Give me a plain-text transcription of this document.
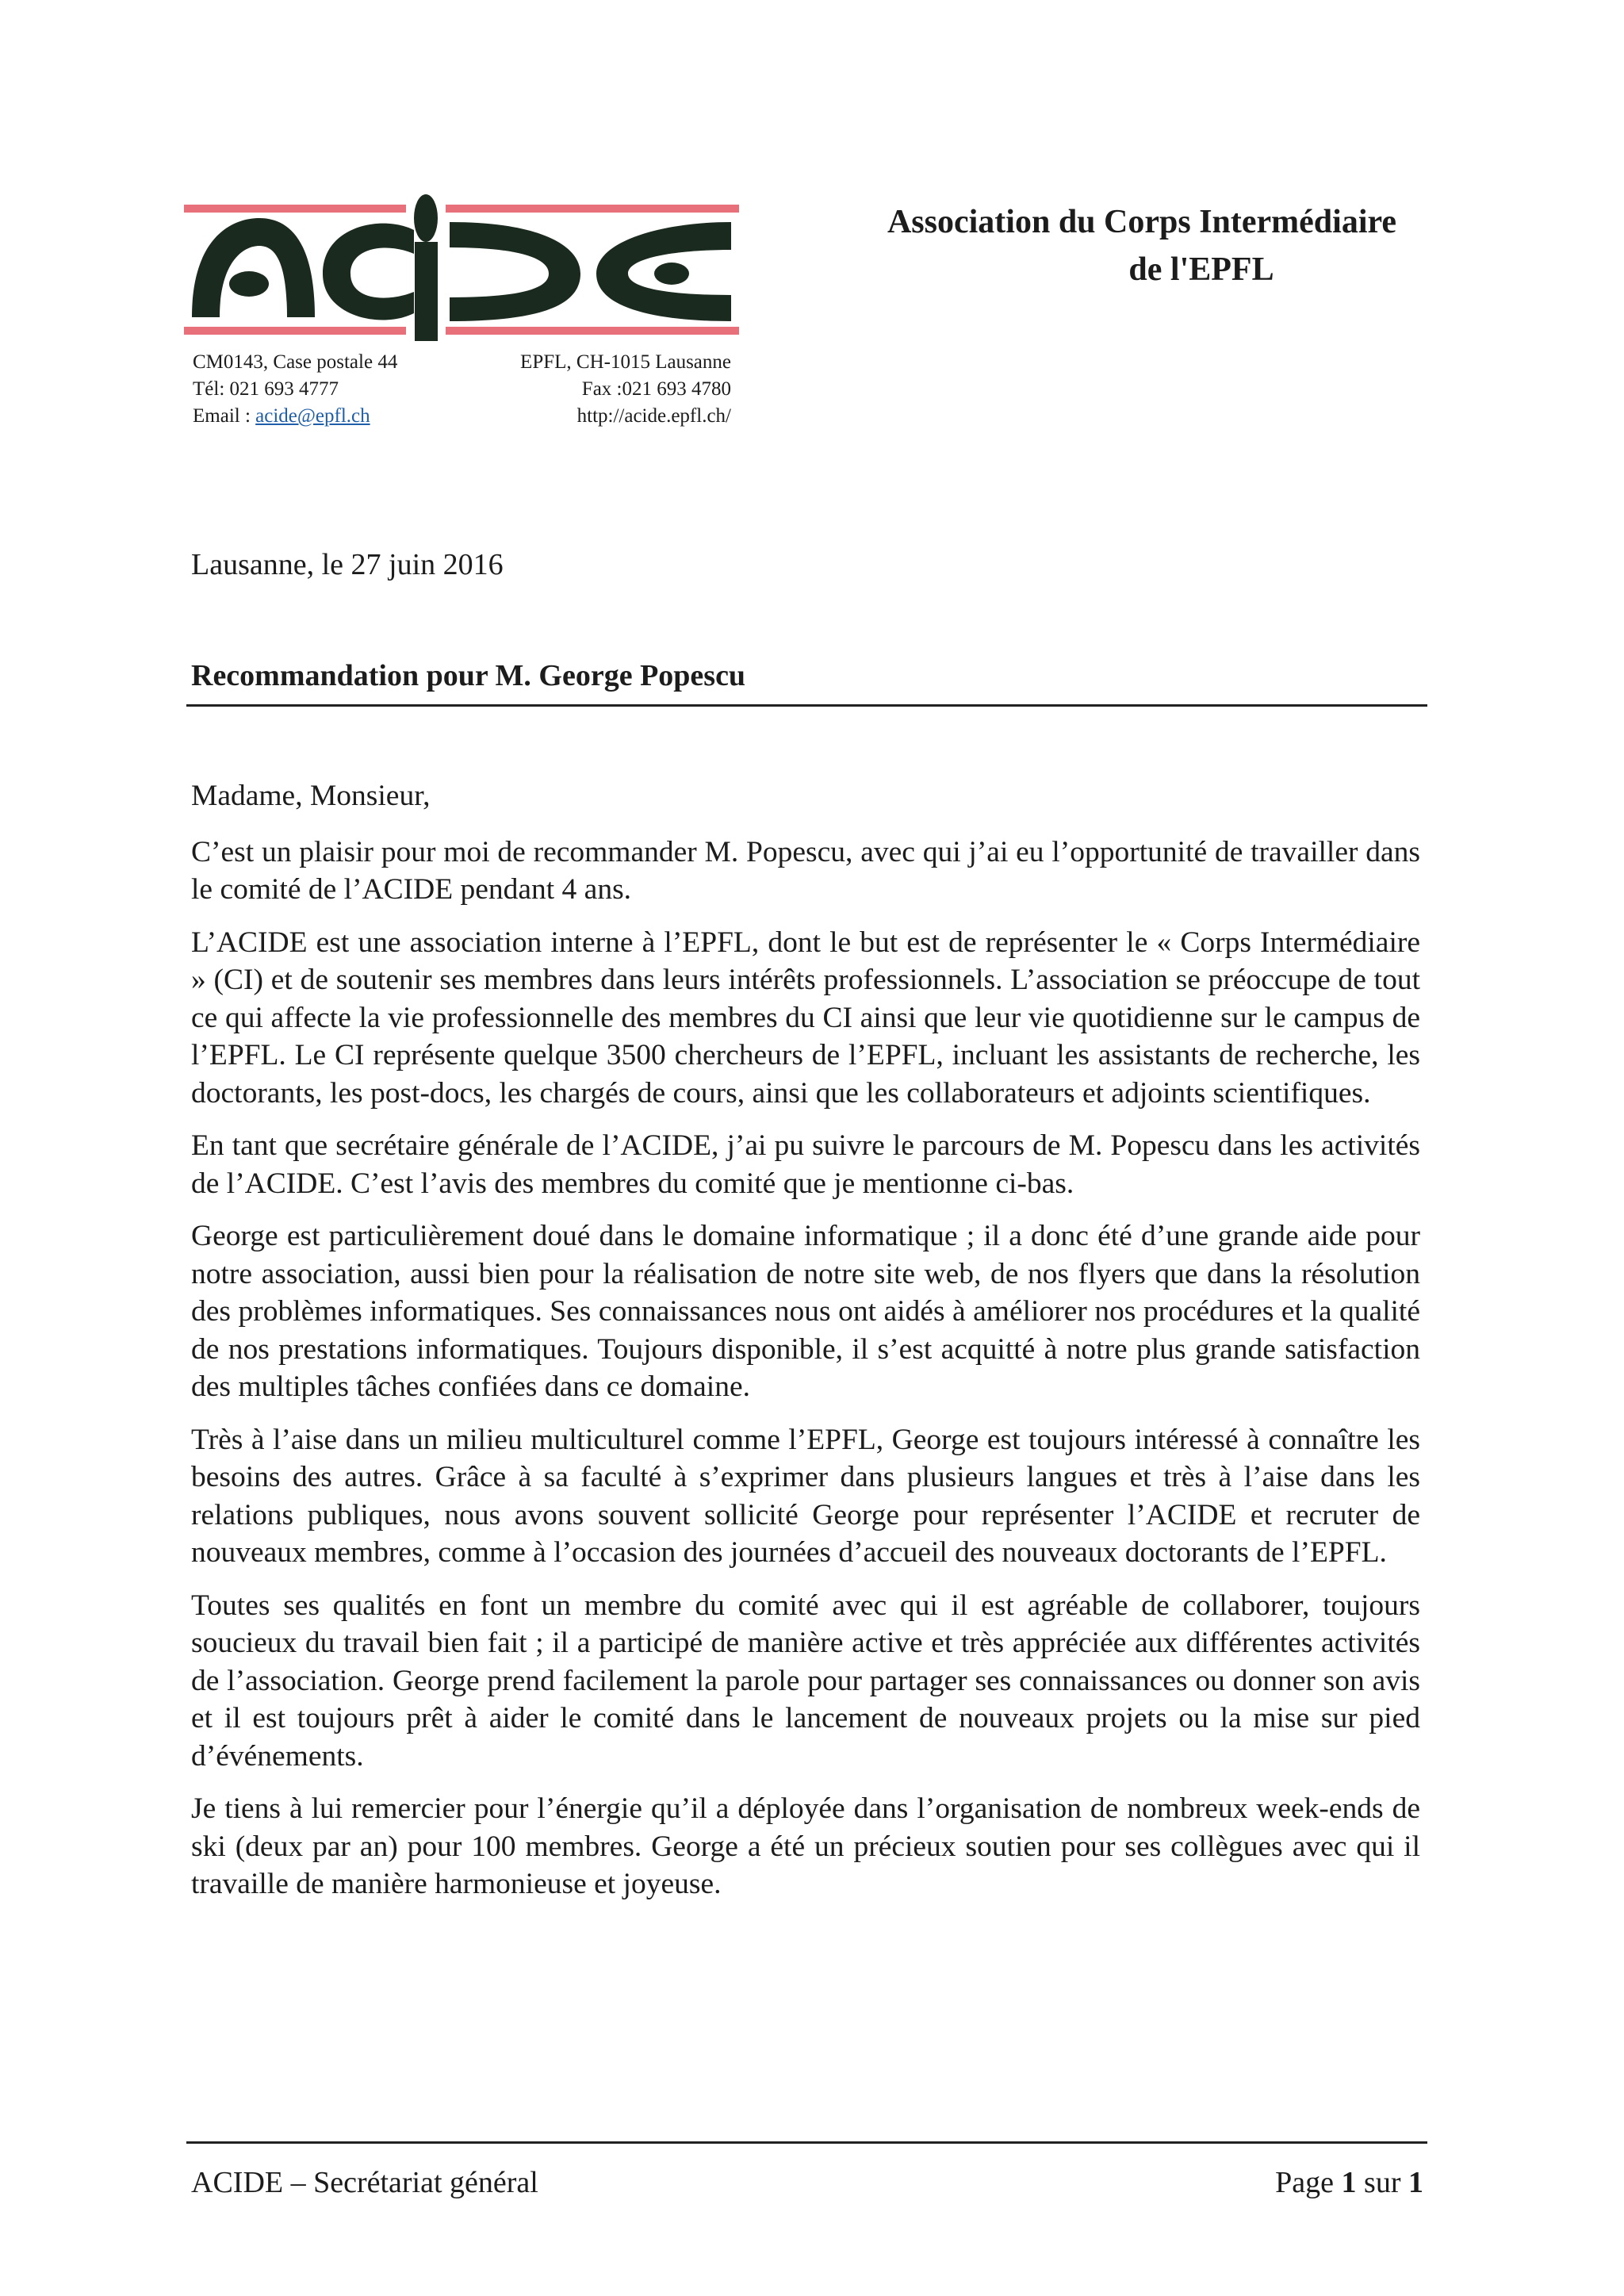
CM0143, Case postale 44
Tél: 021 693 4777
Email : acide@epfl.ch
EPFL, CH-1015 Lausanne
Fax :021 693 4780
http://acide.epfl.ch/
Association du Corps Intermédiaire
de l'EPFL
Lausanne, le 27 juin 2016
Recommandation pour M. George Popescu

Madame, Monsieur,

C’est un plaisir pour moi de recommander M. Popescu, avec qui j’ai eu l’opportunité de travailler dans le comité de l’ACIDE pendant 4 ans.

L’ACIDE est une association interne à l’EPFL, dont le but est de représenter le « Corps Intermédiaire » (CI) et de soutenir ses membres dans leurs intérêts professionnels. L’association se préoccupe de tout ce qui affecte la vie professionnelle des membres du CI ainsi que leur vie quotidienne sur le campus de l’EPFL. Le CI représente quelque 3500 chercheurs de l’EPFL, incluant les assistants de recherche, les doctorants, les post-docs, les chargés de cours, ainsi que les collaborateurs et adjoints scientifiques.

En tant que secrétaire générale de l’ACIDE, j’ai pu suivre le parcours de M. Popescu dans les activités de l’ACIDE. C’est l’avis des membres du comité que je mentionne ci-bas.

George est particulièrement doué dans le domaine informatique ; il a donc été d’une grande aide pour notre association, aussi bien pour la réalisation de notre site web, de nos flyers que dans la résolution des problèmes informatiques. Ses connaissances nous ont aidés à améliorer nos procédures et la qualité de nos prestations informatiques. Toujours disponible, il s’est acquitté à notre plus grande satisfaction des multiples tâches confiées dans ce domaine.

Très à l’aise dans un milieu multiculturel comme l’EPFL, George est toujours intéressé à connaître les besoins des autres. Grâce à sa faculté à s’exprimer dans plusieurs langues et très à l’aise dans les relations publiques, nous avons souvent sollicité George pour représenter l’ACIDE et recruter de nouveaux membres, comme à l’occasion des journées d’accueil des nouveaux doctorants de l’EPFL.

Toutes ses qualités en font un membre du comité avec qui il est agréable de collaborer, toujours soucieux du travail bien fait ; il a participé de manière active et très appréciée aux différentes activités de l’association. George prend facilement la parole pour partager ses connaissances ou donner son avis et il est toujours prêt à aider le comité dans le lancement de nouveaux projets ou la mise sur pied d’événements.

Je tiens à lui remercier pour l’énergie qu’il a déployée dans l’organisation de nombreux week-ends de ski (deux par an) pour 100 membres. George a été un précieux soutien pour ses collègues avec qui il travaille de manière harmonieuse et joyeuse.

ACIDE – Secrétariat général	Page 1 sur 1
